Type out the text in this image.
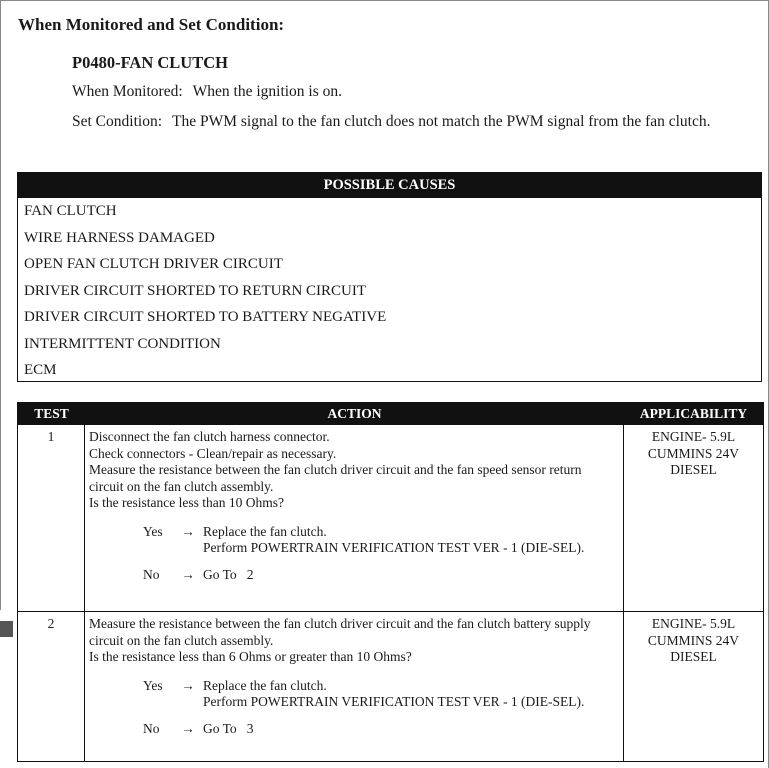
When Monitored and Set Condition:
P0480-FAN CLUTCH
When Monitored: When the ignition is on.
Set Condition: The PWM signal to the fan clutch does not match the PWM signal from the fan clutch.
POSSIBLE CAUSES
FAN CLUTCH
WIRE HARNESS DAMAGED
OPEN FAN CLUTCH DRIVER CIRCUIT
DRIVER CIRCUIT SHORTED TO RETURN CIRCUIT
DRIVER CIRCUIT SHORTED TO BATTERY NEGATIVE
INTERMITTENT CONDITION
ECM
TEST	ACTION	APPLICABILITY
1	Disconnect the fan clutch harness connector.
Check connectors - Clean/repair as necessary.
Measure the resistance between the fan clutch driver circuit and the fan speed sensor return circuit on the fan clutch assembly.
Is the resistance less than 10 Ohms?
Yes	→ Replace the fan clutch.
Perform POWERTRAIN VERIFICATION TEST VER - 1 (DIE-SEL).
No	→ Go To   2
ENGINE- 5.9L
CUMMINS 24V
DIESEL
2	Measure the resistance between the fan clutch driver circuit and the fan clutch battery supply circuit on the fan clutch assembly.
Is the resistance less than 6 Ohms or greater than 10 Ohms?
Yes	→ Replace the fan clutch.
Perform POWERTRAIN VERIFICATION TEST VER - 1 (DIE-SEL).
No	→ Go To   3
ENGINE- 5.9L
CUMMINS 24V
DIESEL
